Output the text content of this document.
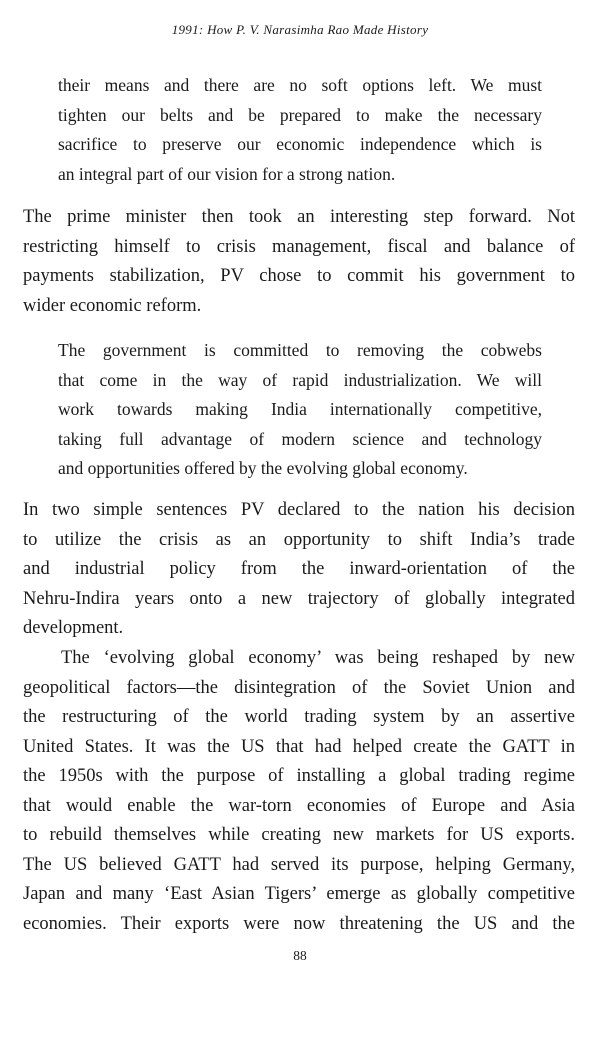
1991: How P. V. Narasimha Rao Made History
their means and there are no soft options left. We must
tighten our belts and be prepared to make the necessary
sacrifice to preserve our economic independence which is
an integral part of our vision for a strong nation.
The prime minister then took an interesting step forward. Not
restricting himself to crisis management, fiscal and balance of
payments stabilization, PV chose to commit his government to
wider economic reform.
The government is committed to removing the cobwebs
that come in the way of rapid industrialization. We will
work towards making India internationally competitive,
taking full advantage of modern science and technology
and opportunities offered by the evolving global economy.
In two simple sentences PV declared to the nation his decision
to utilize the crisis as an opportunity to shift India’s trade
and industrial policy from the inward-orientation of the
Nehru-Indira years onto a new trajectory of globally integrated
development.
The ‘evolving global economy’ was being reshaped by new
geopolitical factors—the disintegration of the Soviet Union and
the restructuring of the world trading system by an assertive
United States. It was the US that had helped create the GATT in
the 1950s with the purpose of installing a global trading regime
that would enable the war-torn economies of Europe and Asia
to rebuild themselves while creating new markets for US exports.
The US believed GATT had served its purpose, helping Germany,
Japan and many ‘East Asian Tigers’ emerge as globally competitive
economies. Their exports were now threatening the US and the
88
